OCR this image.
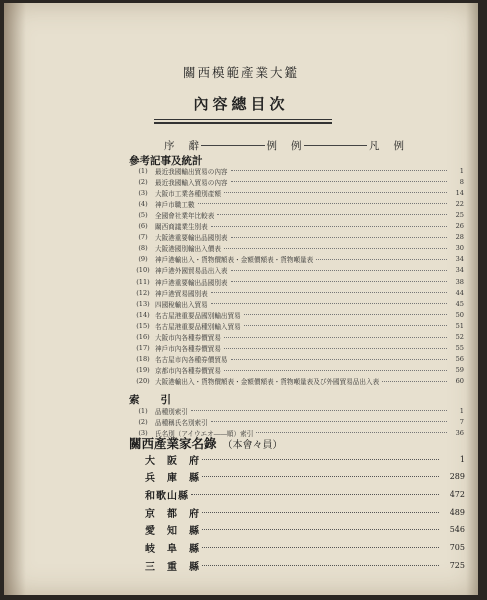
關西模範產業大鑑
內容總目次
序 辭	例 例	凡 例
參考記事及統計
(1)	最近我國輸出貿易の內容	1
(2)	最近我國輸入貿易の內容	8
(3)	大阪市工業各種別產額	14
(4)	神戶市職工數	22
(5)	全國會社業年比較表	25
(6)	關西商議業生別表	26
(7)	大阪港重要輸出品國別表	28
(8)	大阪港國別輸出入價表	30
(9)	神戶港輸出入・貨物價額表・金額價額表・貨物噸量表	34
(10) 神戶港外國貿易品出入表	34
(11) 神戶港重要輸出品國別表	38
(12) 神戶港貿易國別表	44
(13) 四國稅輸出入貿易	45
(14) 名古屋港重要品國別輸出貿易	50
(15) 名古屋港重要品種別輸入貿易	51
(16) 大阪市內各種券價貿易	52
(17) 神戶市內各種券價貿易	55
(18) 名古屋市內各種券價貿易	56
(19) 京都市內各種券價貿易	59
(20) 大阪港輸出入・貨物價額表・金額價額表・貨物噸量表及び外國貿易品出入表	60
索　　引
(1)	品種別索引	1
(2)	品種稱氏名別索引	7
(3)	氏名別（アイウエオ――順）索引	36
關西產業家名錄 （本會々員）
大　阪　府	1
兵　庫　縣	289
和歌山縣	472
京　都　府	489
愛　知　縣	546
岐　阜　縣	705
三　重　縣	725
